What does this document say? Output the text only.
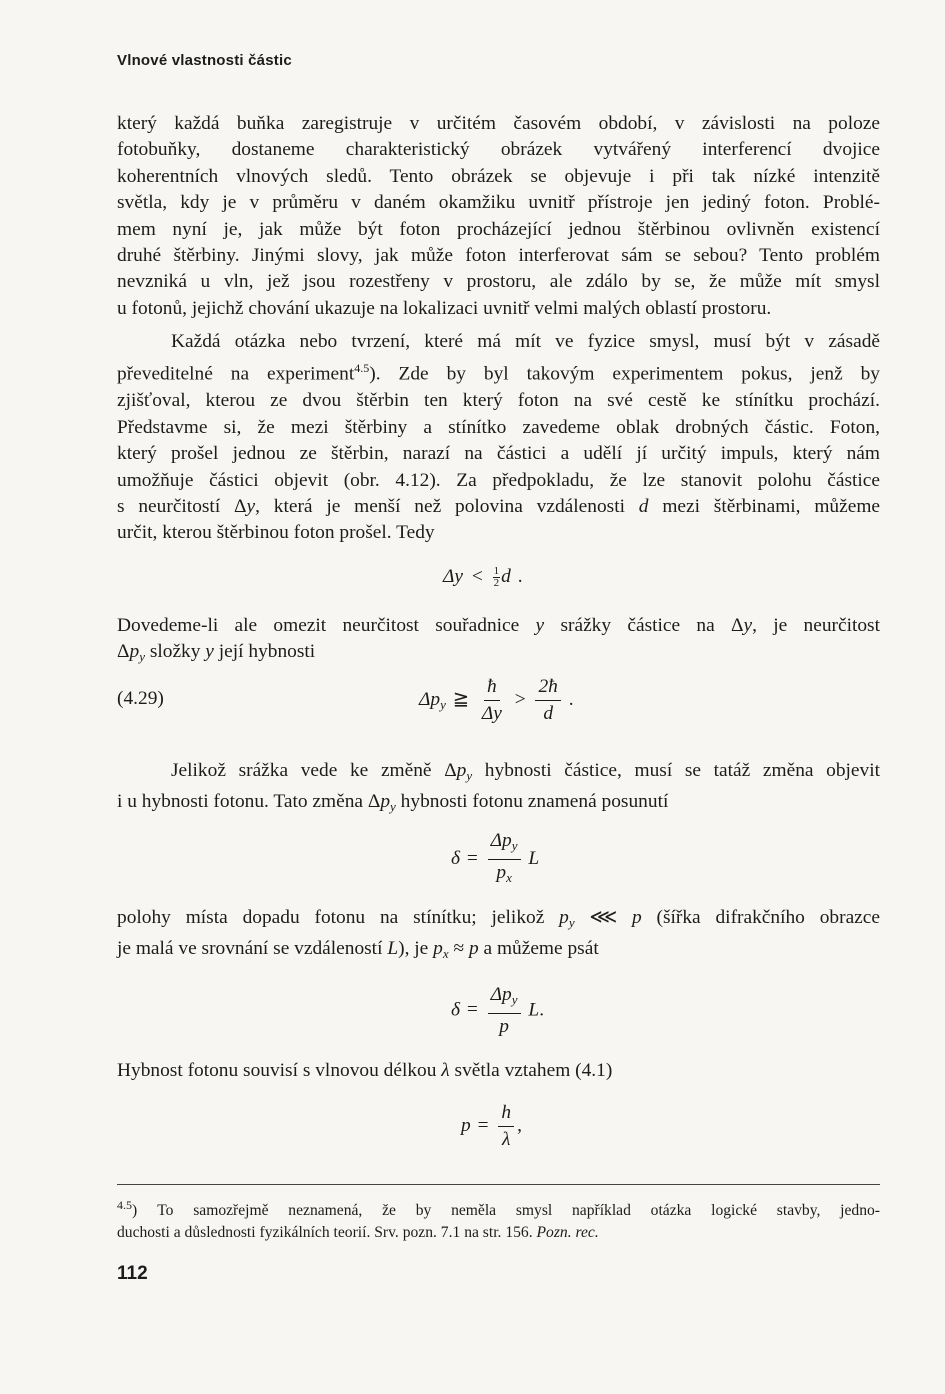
Vlnové vlastnosti částic
který každá buňka zaregistruje v určitém časovém období, v závislosti na poloze
fotobuňky, dostaneme charakteristický obrázek vytvářený interferencí dvojice
koherentních vlnových sledů. Tento obrázek se objevuje i při tak nízké intenzitě
světla, kdy je v průměru v daném okamžiku uvnitř přístroje jen jediný foton. Problé-
mem nyní je, jak může být foton procházející jednou štěrbinou ovlivněn existencí
druhé štěrbiny. Jinými slovy, jak může foton interferovat sám se sebou? Tento problém
nevzniká u vln, jež jsou rozestřeny v prostoru, ale zdálo by se, že může mít smysl
u fotonů, jejichž chování ukazuje na lokalizaci uvnitř velmi malých oblastí prostoru.
Každá otázka nebo tvrzení, které má mít ve fyzice smysl, musí být v zásadě
převeditelné na experiment$^{4.5}$). Zde by byl takovým experimentem pokus, jenž by
zjišťoval, kterou ze dvou štěrbin ten který foton na své cestě ke stínítku prochází.
Představme si, že mezi štěrbiny a stínítko zavedeme oblak drobných částic. Foton,
který prošel jednou ze štěrbin, narazí na částici a udělí jí určitý impuls, který nám
umožňuje částici objevit (obr. 4.12). Za předpokladu, že lze stanovit polohu částice
s neurčitostí Δy, která je menší než polovina vzdálenosti d mezi štěrbinami, můžeme
určit, kterou štěrbinou foton prošel. Tedy
$\Delta y < \frac{1}{2}$ d .
Dovedeme-li ale omezit neurčitost souřadnice y srážky částice na Δy, je neurčitost
$\Delta p_y$ složky y její hybnosti
(4.29)	$\Delta p_y$ ≧ $\frac{ħ}{\Delta y} > \frac{2ħ}{d}$ .
Jelikož srážka vede ke změně $\Delta p_y$ hybnosti částice, musí se tatáž změna objevit
i u hybnosti fotonu. Tato změna $\Delta p_y$ hybnosti fotonu znamená posunutí
$\delta = \frac{\Delta p_y}{p_x}$ L
polohy místa dopadu fotonu na stínítku; jelikož $p_y$ ⋘ p (šířka difrakčního obrazce
je malá ve srovnání se vzdáleností L), je $p_x \approx p$ a můžeme psát
$\delta = \frac{\Delta p_y}{p} L$.
Hybnost fotonu souvisí s vlnovou délkou λ světla vztahem (4.1)
$p = \frac{h}{\lambda}$ ,
$^{4.5}$) To samozřejmě neznamená, že by neměla smysl například otázka logické stavby, jedno-
duchosti a důslednosti fyzikálních teorií. Srv. pozn. 7.1 na str. 156. Pozn. rec.
112
